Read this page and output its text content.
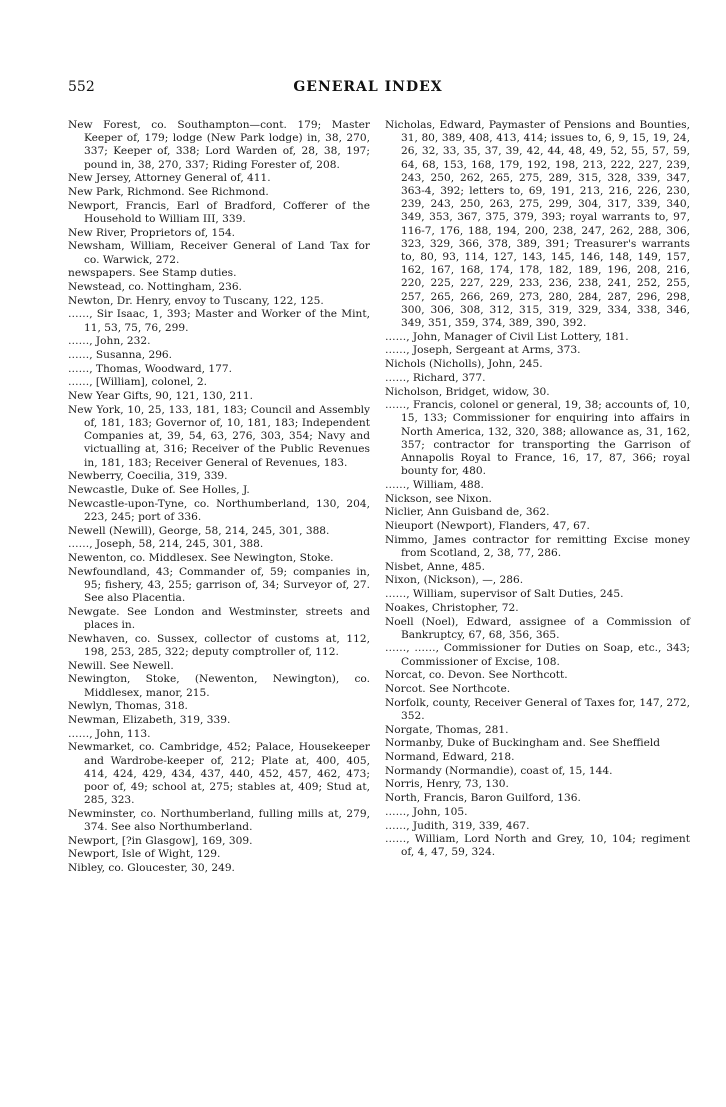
552	GENERAL INDEX
New Forest, co. Southampton—cont. 179; Master Keeper of, 179; lodge (New Park lodge) in, 38, 270, 337; Keeper of, 338; Lord Warden of, 28, 38, 197; pound in, 38, 270, 337; Riding Forester of, 208.
New Jersey, Attorney General of, 411.
New Park, Richmond. See Richmond.
Newport, Francis, Earl of Bradford, Cofferer of the Household to William III, 339.
New River, Proprietors of, 154.
Newsham, William, Receiver General of Land Tax for co. Warwick, 272.
newspapers. See Stamp duties.
Newstead, co. Nottingham, 236.
Newton, Dr. Henry, envoy to Tuscany, 122, 125.
……, Sir Isaac, 1, 393; Master and Worker of the Mint, 11, 53, 75, 76, 299.
……, John, 232.
……, Susanna, 296.
……, Thomas, Woodward, 177.
……, [William], colonel, 2.
New Year Gifts, 90, 121, 130, 211.
New York, 10, 25, 133, 181, 183; Council and Assembly of, 181, 183; Governor of, 10, 181, 183; Independent Companies at, 39, 54, 63, 276, 303, 354; Navy and victualling at, 316; Receiver of the Public Revenues in, 181, 183; Receiver General of Revenues, 183.
Newberry, Coecilia, 319, 339.
Newcastle, Duke of. See Holles, J.
Newcastle-upon-Tyne, co. Northumberland, 130, 204, 223, 245; port of 336.
Newell (Newill), George, 58, 214, 245, 301, 388.
……, Joseph, 58, 214, 245, 301, 388.
Newenton, co. Middlesex. See Newington, Stoke.
Newfoundland, 43; Commander of, 59; companies in, 95; fishery, 43, 255; garrison of, 34; Surveyor of, 27. See also Placentia.
Newgate. See London and Westminster, streets and places in.
Newhaven, co. Sussex, collector of customs at, 112, 198, 253, 285, 322; deputy comptroller of, 112.
Newill. See Newell.
Newington, Stoke, (Newenton, Newington), co. Middlesex, manor, 215.
Newlyn, Thomas, 318.
Newman, Elizabeth, 319, 339.
……, John, 113.
Newmarket, co. Cambridge, 452; Palace, Housekeeper and Wardrobe-keeper of, 212; Plate at, 400, 405, 414, 424, 429, 434, 437, 440, 452, 457, 462, 473; poor of, 49; school at, 275; stables at, 409; Stud at, 285, 323.
Newminster, co. Northumberland, fulling mills at, 279, 374. See also Northumberland.
Newport, [?in Glasgow], 169, 309.
Newport, Isle of Wight, 129.
Nibley, co. Gloucester, 30, 249.
Nicholas, Edward, Paymaster of Pensions and Bounties, 31, 80, 389, 408, 413, 414; issues to, 6, 9, 15, 19, 24, 26, 32, 33, 35, 37, 39, 42, 44, 48, 49, 52, 55, 57, 59, 64, 68, 153, 168, 179, 192, 198, 213, 222, 227, 239, 243, 250, 262, 265, 275, 289, 315, 328, 339, 347, 363-4, 392; letters to, 69, 191, 213, 216, 226, 230, 239, 243, 250, 263, 275, 299, 304, 317, 339, 340, 349, 353, 367, 375, 379, 393; royal warrants to, 97, 116-7, 176, 188, 194, 200, 238, 247, 262, 288, 306, 323, 329, 366, 378, 389, 391; Treasurer's warrants to, 80, 93, 114, 127, 143, 145, 146, 148, 149, 157, 162, 167, 168, 174, 178, 182, 189, 196, 208, 216, 220, 225, 227, 229, 233, 236, 238, 241, 252, 255, 257, 265, 266, 269, 273, 280, 284, 287, 296, 298, 300, 306, 308, 312, 315, 319, 329, 334, 338, 346, 349, 351, 359, 374, 389, 390, 392.
……, John, Manager of Civil List Lottery, 181.
……, Joseph, Sergeant at Arms, 373.
Nichols (Nicholls), John, 245.
……, Richard, 377.
Nicholson, Bridget, widow, 30.
……, Francis, colonel or general, 19, 38; accounts of, 10, 15, 133; Commissioner for enquiring into affairs in North America, 132, 320, 388; allowance as, 31, 162, 357; contractor for transporting the Garrison of Annapolis Royal to France, 16, 17, 87, 366; royal bounty for, 480.
……, William, 488.
Nickson, see Nixon.
Niclier, Ann Guisband de, 362.
Nieuport (Newport), Flanders, 47, 67.
Nimmo, James contractor for remitting Excise money from Scotland, 2, 38, 77, 286.
Nisbet, Anne, 485.
Nixon, (Nickson), —, 286.
……, William, supervisor of Salt Duties, 245.
Noakes, Christopher, 72.
Noell (Noel), Edward, assignee of a Commission of Bankruptcy, 67, 68, 356, 365.
……, ……, Commissioner for Duties on Soap, etc., 343; Commissioner of Excise, 108.
Norcat, co. Devon. See Northcott.
Norcot. See Northcote.
Norfolk, county, Receiver General of Taxes for, 147, 272, 352.
Norgate, Thomas, 281.
Normanby, Duke of Buckingham and. See Sheffield
Normand, Edward, 218.
Normandy (Normandie), coast of, 15, 144.
Norris, Henry, 73, 130.
North, Francis, Baron Guilford, 136.
……, John, 105.
……, Judith, 319, 339, 467.
……, William, Lord North and Grey, 10, 104; regiment of, 4, 47, 59, 324.
